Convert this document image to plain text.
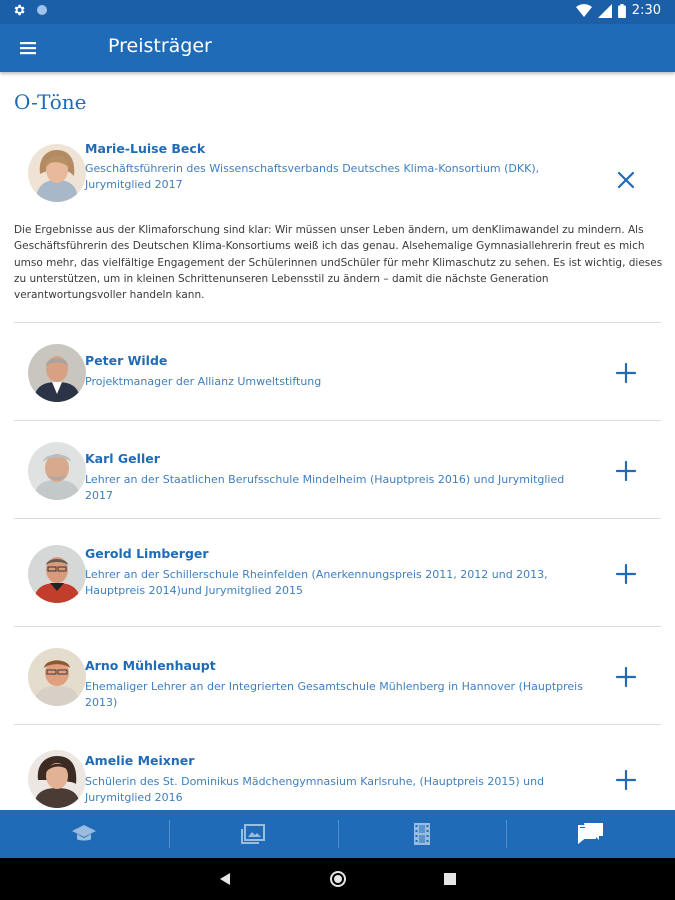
2:30
Preisträger
O-Töne
Marie-Luise Beck
Geschäftsführerin des Wissenschaftsverbands Deutsches Klima-Konsortium (DKK), Jurymitglied 2017
Die Ergebnisse aus der Klimaforschung sind klar: Wir müssen unser Leben ändern, um denKlimawandel zu mindern. Als Geschäftsführerin des Deutschen Klima-Konsortiums weiß ich das genau. Alsehemalige Gymnasiallehrerin freut es mich umso mehr, das vielfältige Engagement der Schülerinnen undSchüler für mehr Klimaschutz zu sehen. Es ist wichtig, dieses zu unterstützen, um in kleinen Schrittenunseren Lebensstil zu ändern – damit die nächste Generation verantwortungsvoller handeln kann.
Peter Wilde
Projektmanager der Allianz Umweltstiftung
Karl Geller
Lehrer an der Staatlichen Berufsschule Mindelheim (Hauptpreis 2016) und Jurymitglied 2017
Gerold Limberger
Lehrer an der Schillerschule Rheinfelden (Anerkennungspreis 2011, 2012 und 2013, Hauptpreis 2014)und Jurymitglied 2015
Arno Mühlenhaupt
Ehemaliger Lehrer an der Integrierten Gesamtschule Mühlenberg in Hannover (Hauptpreis 2013)
Amelie Meixner
Schülerin des St. Dominikus Mädchengymnasium Karlsruhe, (Hauptpreis 2015) und Jurymitglied 2016
